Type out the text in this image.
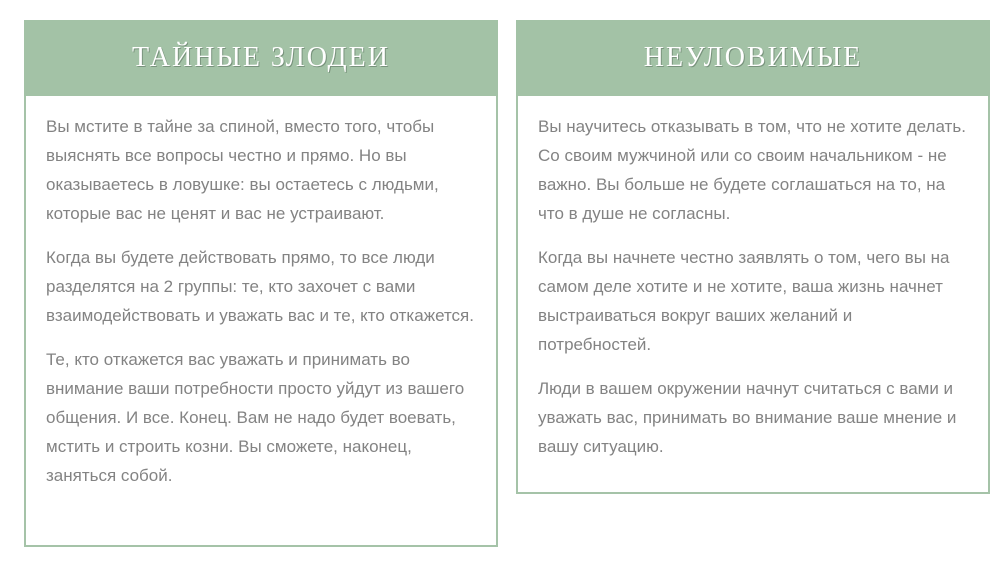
ТАЙНЫЕ ЗЛОДЕИ

Вы мстите в тайне за спиной, вместо того, чтобы выяснять все вопросы честно и прямо. Но вы оказываетесь в ловушке: вы остаетесь с людьми, которые вас не ценят и вас не устраивают.

Когда вы будете действовать прямо, то все люди разделятся на 2 группы: те, кто захочет с вами взаимодействовать и уважать вас и те, кто откажется.

Те, кто откажется вас уважать и принимать во внимание ваши потребности просто уйдут из вашего общения. И все. Конец. Вам не надо будет воевать, мстить и строить козни. Вы сможете, наконец, заняться собой.

НЕУЛОВИМЫЕ

Вы научитесь отказывать в том, что не хотите делать. Со своим мужчиной или со своим начальником - не важно. Вы больше не будете соглашаться на то, на что в душе не согласны.

Когда вы начнете честно заявлять о том, чего вы на самом деле хотите и не хотите, ваша жизнь начнет выстраиваться вокруг ваших желаний и потребностей.

Люди в вашем окружении начнут считаться с вами и уважать вас, принимать во внимание ваше мнение и вашу ситуацию.
